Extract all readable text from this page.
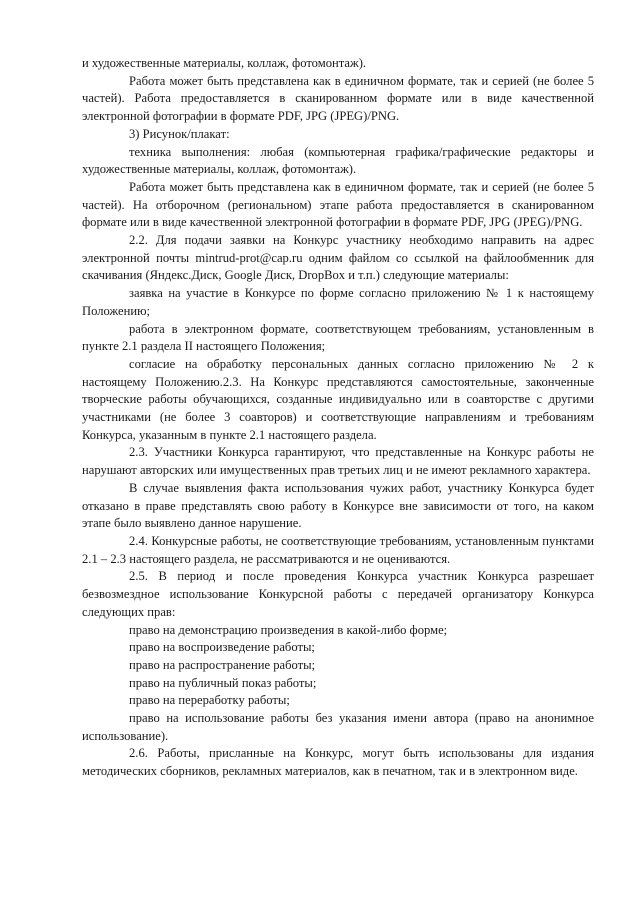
и художественные материалы, коллаж, фотомонтаж).

Работа может быть представлена как в единичном формате, так и серией (не более 5 частей). Работа предоставляется в сканированном формате или в виде качественной электронной фотографии в формате PDF, JPG (JPEG)/PNG.

3) Рисунок/плакат:

техника выполнения: любая (компьютерная графика/графические редакторы и художественные материалы, коллаж, фотомонтаж).

Работа может быть представлена как в единичном формате, так и серией (не более 5 частей). На отборочном (региональном) этапе работа предоставляется в сканированном формате или в виде качественной электронной фотографии в формате PDF, JPG (JPEG)/PNG.

2.2. Для подачи заявки на Конкурс участнику необходимо направить на адрес электронной почты mintrud-prot@cap.ru одним файлом со ссылкой на файлообменник для скачивания (Яндекс.Диск, Google Диск, DropBox и т.п.) следующие материалы:

заявка на участие в Конкурсе по форме согласно приложению № 1 к настоящему Положению;

работа в электронном формате, соответствующем требованиям, установленным в пункте 2.1 раздела II настоящего Положения;

согласие на обработку персональных данных согласно приложению № 2 к настоящему Положению.2.3. На Конкурс представляются самостоятельные, законченные творческие работы обучающихся, созданные индивидуально или в соавторстве с другими участниками (не более 3 соавторов) и соответствующие направлениям и требованиям Конкурса, указанным в пункте 2.1 настоящего раздела.

2.3. Участники Конкурса гарантируют, что представленные на Конкурс работы не нарушают авторских или имущественных прав третьих лиц и не имеют рекламного характера.

В случае выявления факта использования чужих работ, участнику Конкурса будет отказано в праве представлять свою работу в Конкурсе вне зависимости от того, на каком этапе было выявлено данное нарушение.

2.4. Конкурсные работы, не соответствующие требованиям, установленным пунктами 2.1 – 2.3 настоящего раздела, не рассматриваются и не оцениваются.

2.5. В период и после проведения Конкурса участник Конкурса разрешает безвозмездное использование Конкурсной работы с передачей организатору Конкурса следующих прав:

право на демонстрацию произведения в какой-либо форме;

право на воспроизведение работы;

право на распространение работы;

право на публичный показ работы;

право на переработку работы;

право на использование работы без указания имени автора (право на анонимное использование).

2.6. Работы, присланные на Конкурс, могут быть использованы для издания методических сборников, рекламных материалов, как в печатном, так и в электронном виде.
